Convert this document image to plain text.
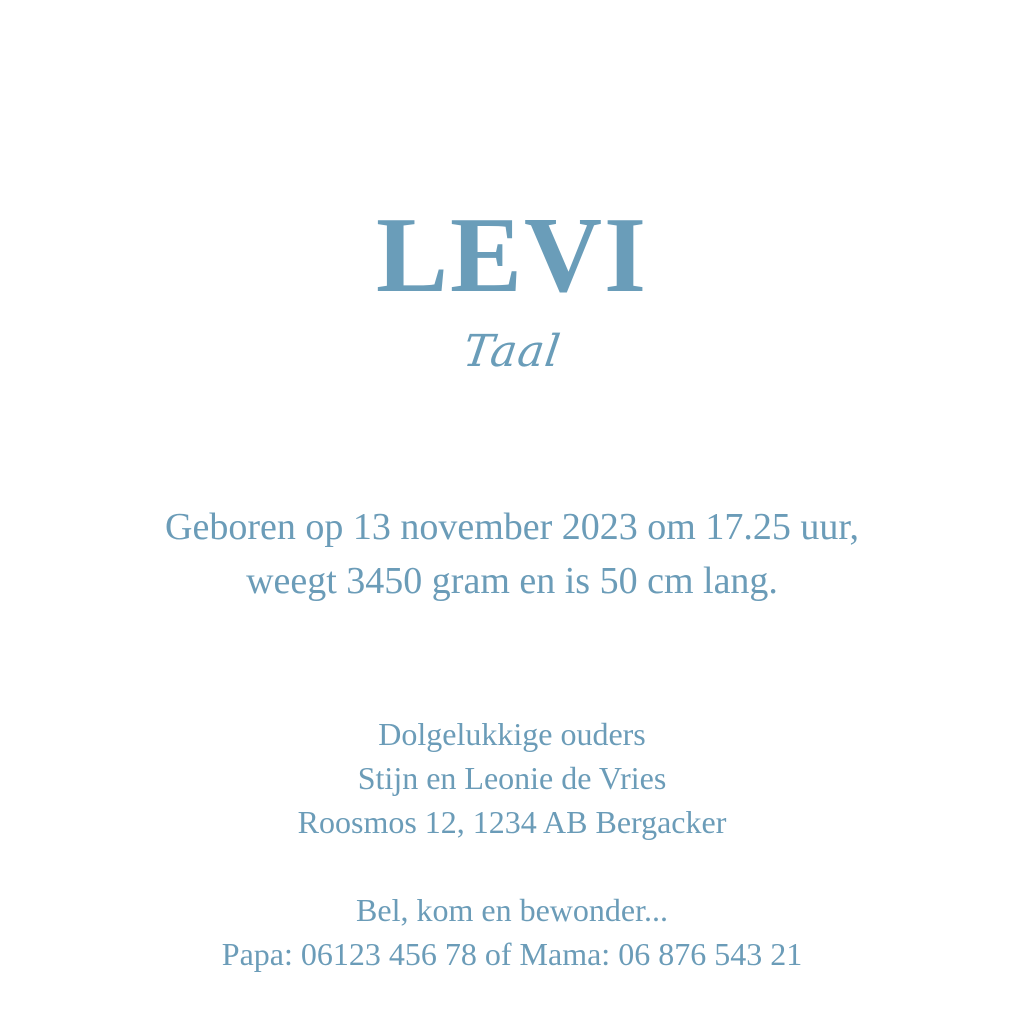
LEVI
Taal
Geboren op 13 november 2023 om 17.25 uur,
weegt 3450 gram en is 50 cm lang.
Dolgelukkige ouders
Stijn en Leonie de Vries
Roosmos 12, 1234 AB Bergacker
Bel, kom en bewonder...
Papa: 06123 456 78 of Mama: 06 876 543 21
